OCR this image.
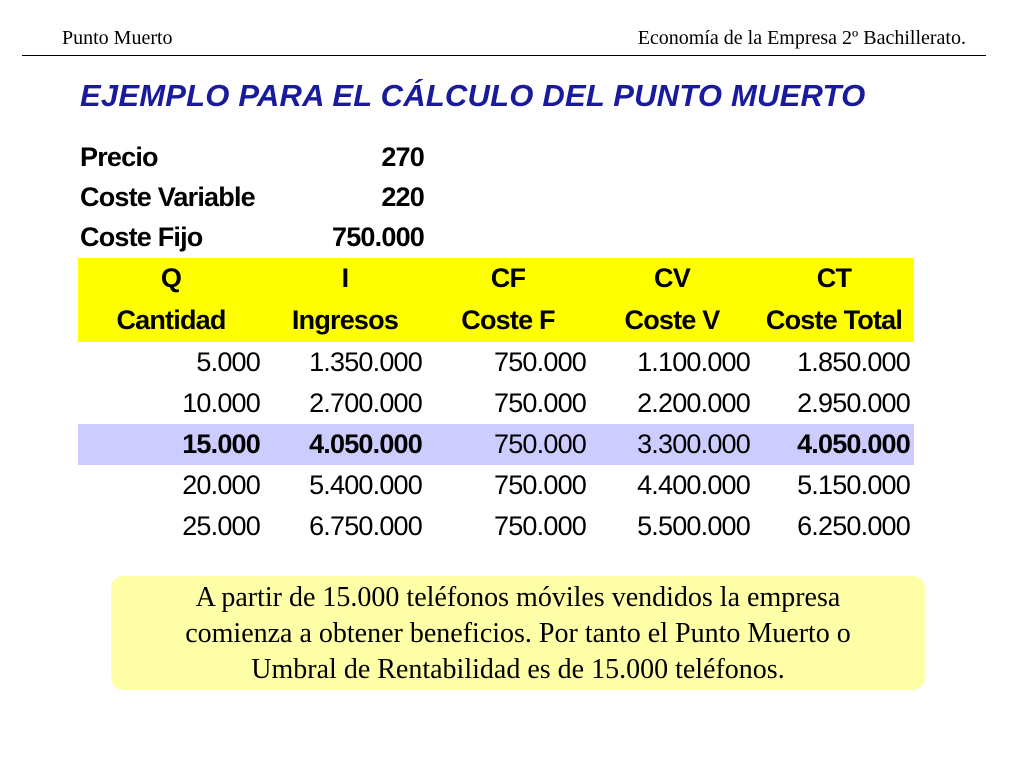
Punto Muerto	Economía de la Empresa 2º Bachillerato.
EJEMPLO PARA EL CÁLCULO DEL PUNTO MUERTO
Precio	270
Coste Variable	220
Coste Fijo	750.000
Q	I	CF	CV	CT
Cantidad	Ingresos	Coste F	Coste V	Coste Total
5.000	1.350.000	750.000	1.100.000	1.850.000
10.000	2.700.000	750.000	2.200.000	2.950.000
15.000	4.050.000	750.000	3.300.000	4.050.000
20.000	5.400.000	750.000	4.400.000	5.150.000
25.000	6.750.000	750.000	5.500.000	6.250.000
A partir de 15.000 teléfonos móviles vendidos la empresa
comienza a obtener beneficios. Por tanto el Punto Muerto o
Umbral de Rentabilidad es de 15.000 teléfonos.
